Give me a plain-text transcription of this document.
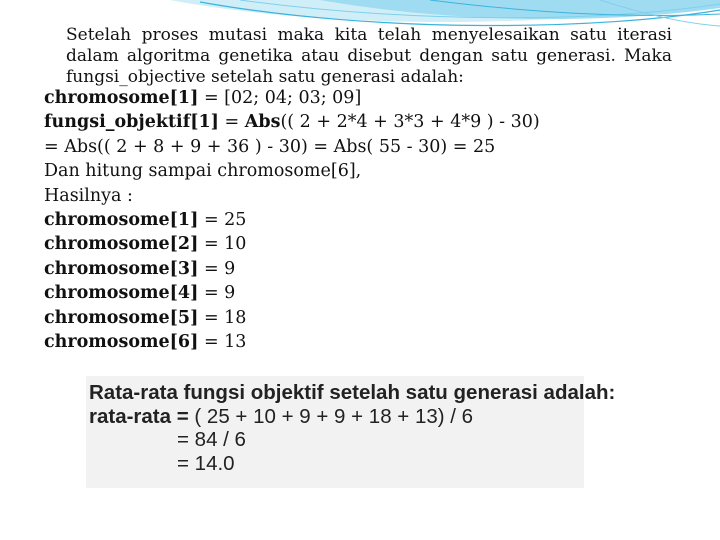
Setelah proses mutasi maka kita telah menyelesaikan satu iterasi dalam algoritma genetika atau disebut dengan satu generasi. Maka fungsi_objective setelah satu generasi adalah:

chromosome[1] = [02; 04; 03; 09]
fungsi_objektif[1] = Abs(( 2 + 2*4 + 3*3 + 4*9 ) - 30)
= Abs(( 2 + 8 + 9 + 36 ) - 30) = Abs( 55 - 30) = 25
Dan hitung sampai chromosome[6],
Hasilnya :
chromosome[1] = 25
chromosome[2] = 10
chromosome[3] = 9
chromosome[4] = 9
chromosome[5] = 18
chromosome[6] = 13
Rata-rata fungsi objektif setelah satu generasi adalah:
rata-rata = ( 25 + 10 + 9 + 9 + 18 + 13) / 6
= 84 / 6
= 14.0
